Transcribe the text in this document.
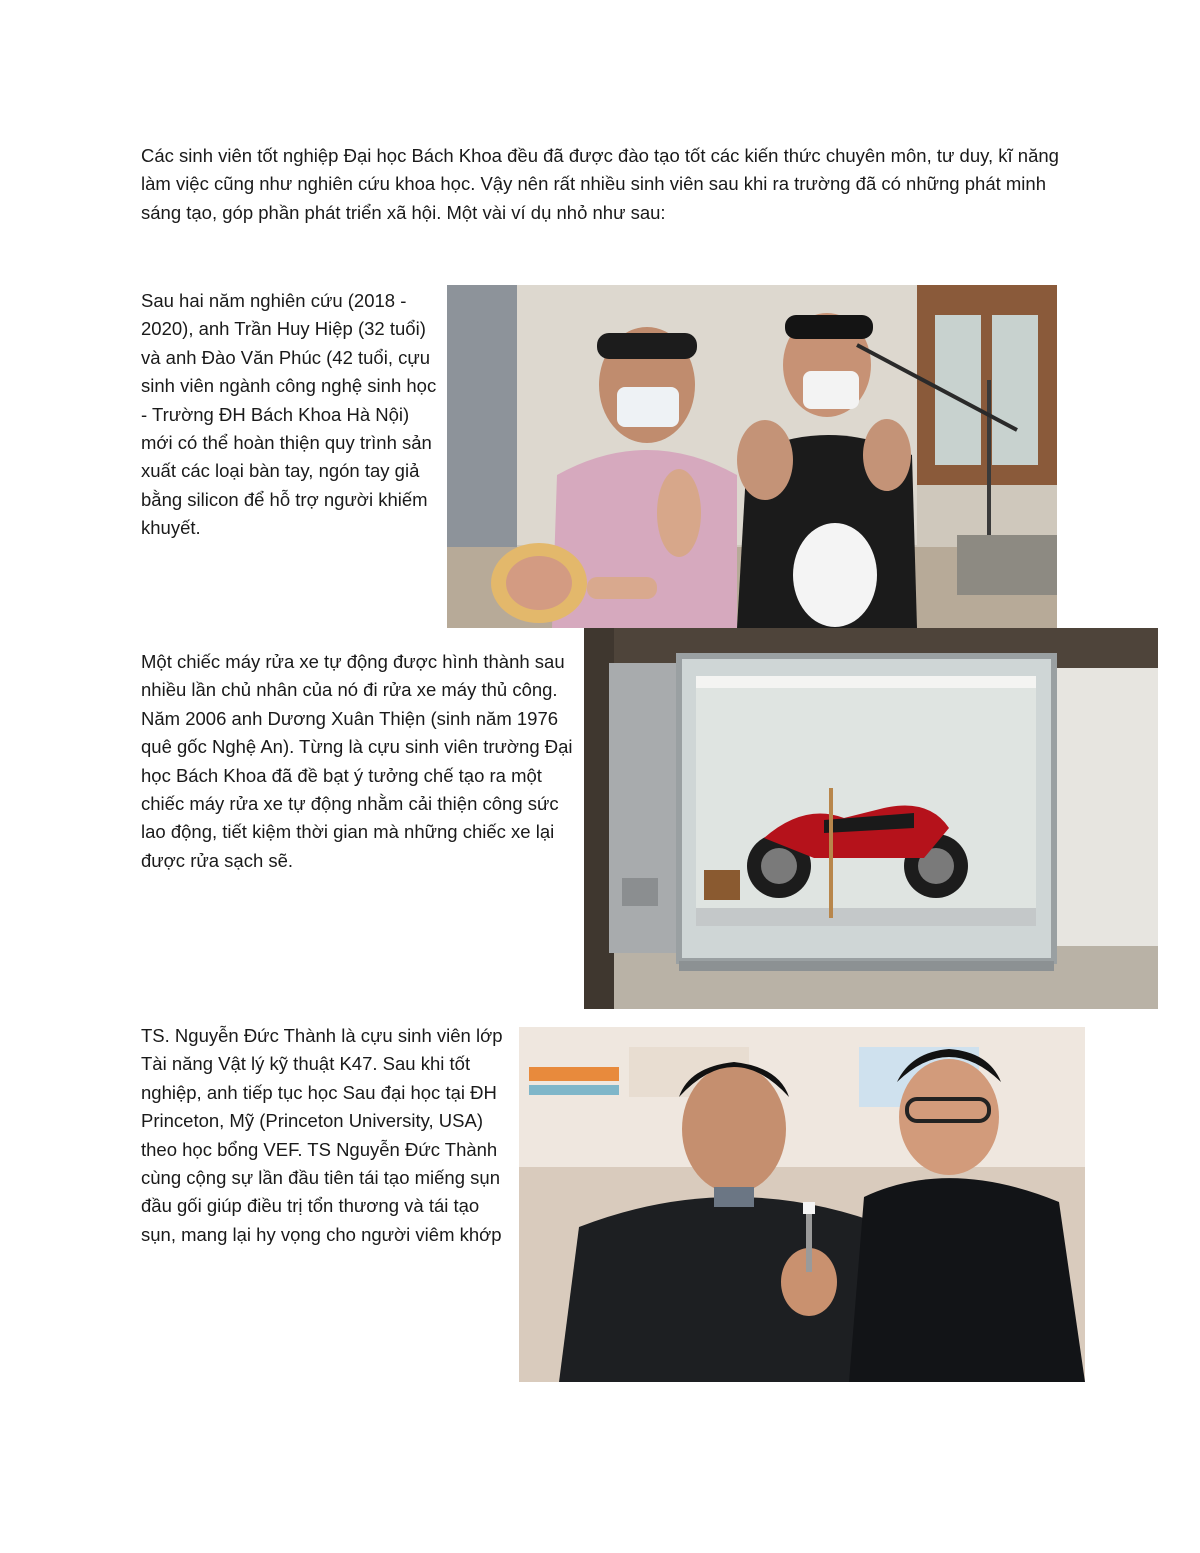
Các sinh viên tốt nghiệp Đại học Bách Khoa đều đã được đào tạo tốt các kiến thức chuyên môn, tư duy, kĩ năng làm việc cũng như nghiên cứu khoa học. Vậy nên rất nhiều sinh viên sau khi ra trường đã có những phát minh sáng tạo, góp phần phát triển xã hội. Một vài ví dụ nhỏ như sau:

Sau hai năm nghiên cứu (2018 - 2020), anh Trần Huy Hiệp (32 tuổi) và anh Đào Văn Phúc (42 tuổi, cựu sinh viên ngành công nghệ sinh học - Trường ĐH Bách Khoa Hà Nội) mới có thể hoàn thiện quy trình sản xuất các loại bàn tay, ngón tay giả bằng silicon để hỗ trợ người khiếm khuyết.

Một chiếc máy rửa xe tự động được hình thành sau nhiều lần chủ nhân của nó đi rửa xe máy thủ công. Năm 2006 anh Dương Xuân Thiện (sinh năm 1976 quê gốc Nghệ An). Từng là cựu sinh viên trường Đại học Bách Khoa đã đề bạt ý tưởng chế tạo ra một chiếc máy rửa xe tự động nhằm cải thiện công sức lao động, tiết kiệm thời gian mà những chiếc xe lại được rửa sạch sẽ.

TS. Nguyễn Đức Thành là cựu sinh viên lớp Tài năng Vật lý kỹ thuật K47. Sau khi tốt nghiệp, anh tiếp tục học Sau đại học tại ĐH Princeton, Mỹ (Princeton University, USA) theo học bổng VEF. TS Nguyễn Đức Thành cùng cộng sự lần đầu tiên tái tạo miếng sụn đầu gối giúp điều trị tổn thương và tái tạo sụn, mang lại hy vọng cho người viêm khớp
